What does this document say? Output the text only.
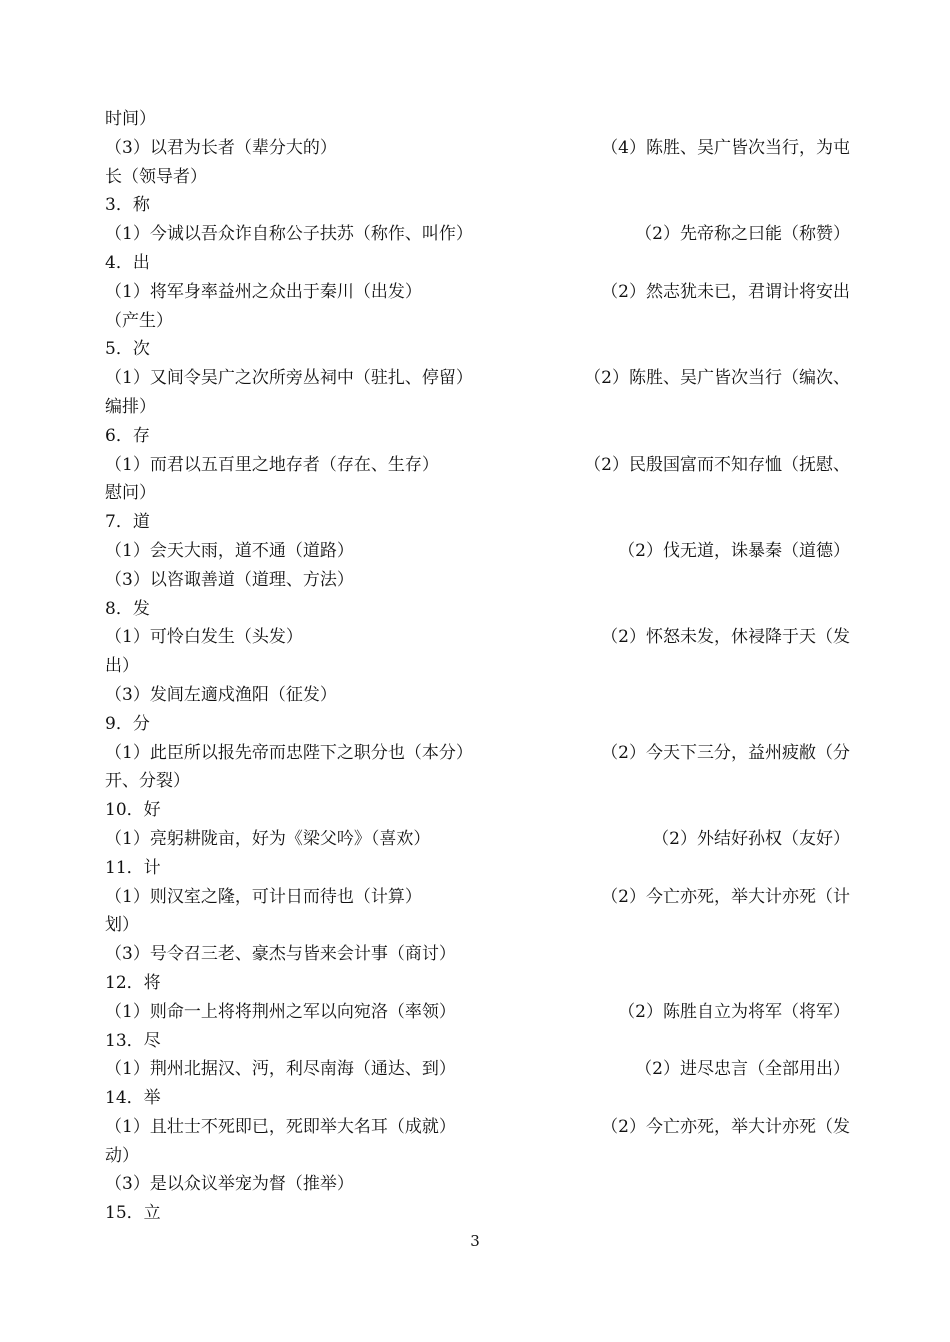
时间）
（3）以君为长者（辈分大的）	（4）陈胜、吴广皆次当行，为屯
长（领导者）
3．称
（1）今诚以吾众诈自称公子扶苏（称作、叫作）	（2）先帝称之曰能（称赞）
4．出
（1）将军身率益州之众出于秦川（出发）	（2）然志犹未已，君谓计将安出
（产生）
5．次
（1）又间令吴广之次所旁丛祠中（驻扎、停留）	（2）陈胜、吴广皆次当行（编次、
编排）
6．存
（1）而君以五百里之地存者（存在、生存）	（2）民殷国富而不知存恤（抚慰、
慰问）
7．道
（1）会天大雨，道不通（道路）	（2）伐无道，诛暴秦（道德）
（3）以咨诹善道（道理、方法）
8．发
（1）可怜白发生（头发）	（2）怀怒未发，休祲降于天（发
出）
（3）发闾左適戍渔阳（征发）
9．分
（1）此臣所以报先帝而忠陛下之职分也（本分）	（2）今天下三分，益州疲敝（分
开、分裂）
10．好
（1）亮躬耕陇亩，好为《梁父吟》（喜欢）	（2）外结好孙权（友好）
11．计
（1）则汉室之隆，可计日而待也（计算）	（2）今亡亦死，举大计亦死（计
划）
（3）号令召三老、豪杰与皆来会计事（商讨）
12．将
（1）则命一上将将荆州之军以向宛洛（率领）	（2）陈胜自立为将军（将军）
13．尽
（1）荆州北据汉、沔，利尽南海（通达、到）	（2）进尽忠言（全部用出）
14．举
（1）且壮士不死即已，死即举大名耳（成就）	（2）今亡亦死，举大计亦死（发
动）
（3）是以众议举宠为督（推举）
15．立
3
